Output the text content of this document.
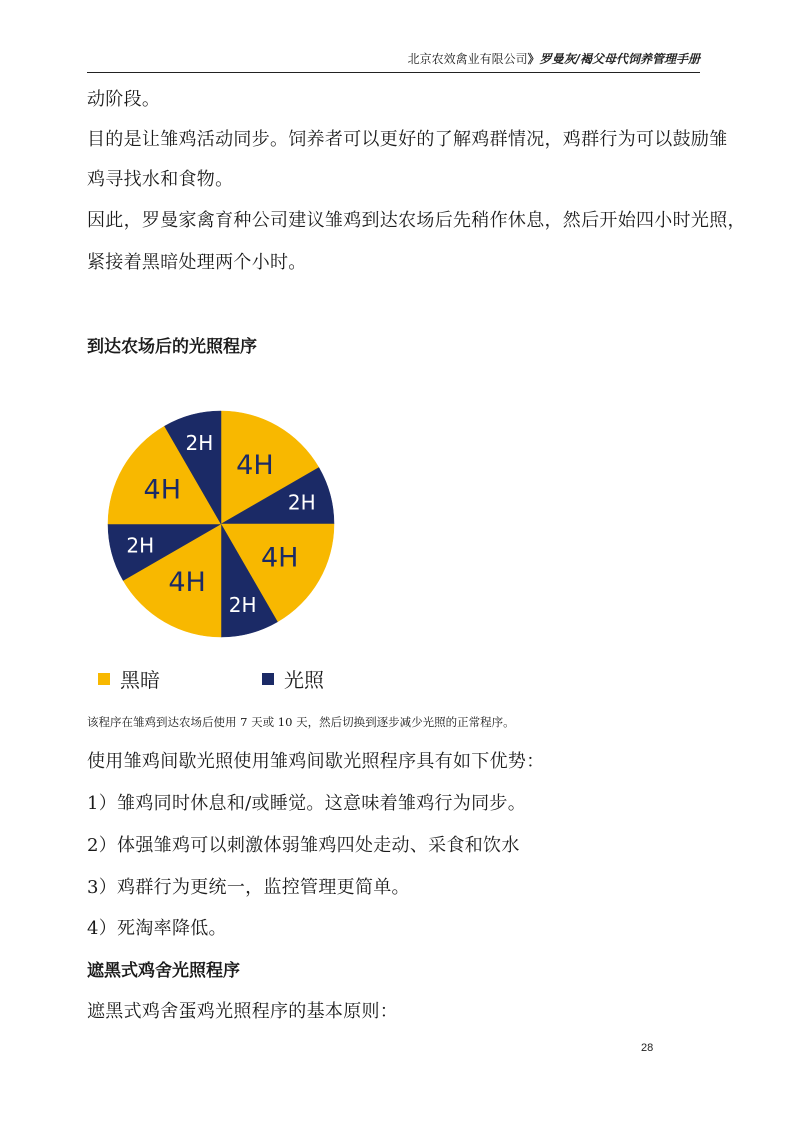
北京农效禽业有限公司》罗曼灰/褐父母代饲养管理手册
动阶段。
目的是让雏鸡活动同步。饲养者可以更好的了解鸡群情况，鸡群行为可以鼓励雏
鸡寻找水和食物。
因此，罗曼家禽育种公司建议雏鸡到达农场后先稍作休息，然后开始四小时光照，
紧接着黑暗处理两个小时。
到达农场后的光照程序
4H
2H
4H
2H
4H
2H
4H
2H
黑暗	光照
该程序在雏鸡到达农场后使用 7 天或 10 天，然后切换到逐步减少光照的正常程序。
使用雏鸡间歇光照使用雏鸡间歇光照程序具有如下优势：
1）雏鸡同时休息和/或睡觉。这意味着雏鸡行为同步。
2）体强雏鸡可以刺激体弱雏鸡四处走动、采食和饮水
3）鸡群行为更统一，监控管理更简单。
4）死淘率降低。
遮黑式鸡舍光照程序
遮黑式鸡舍蛋鸡光照程序的基本原则：
28
